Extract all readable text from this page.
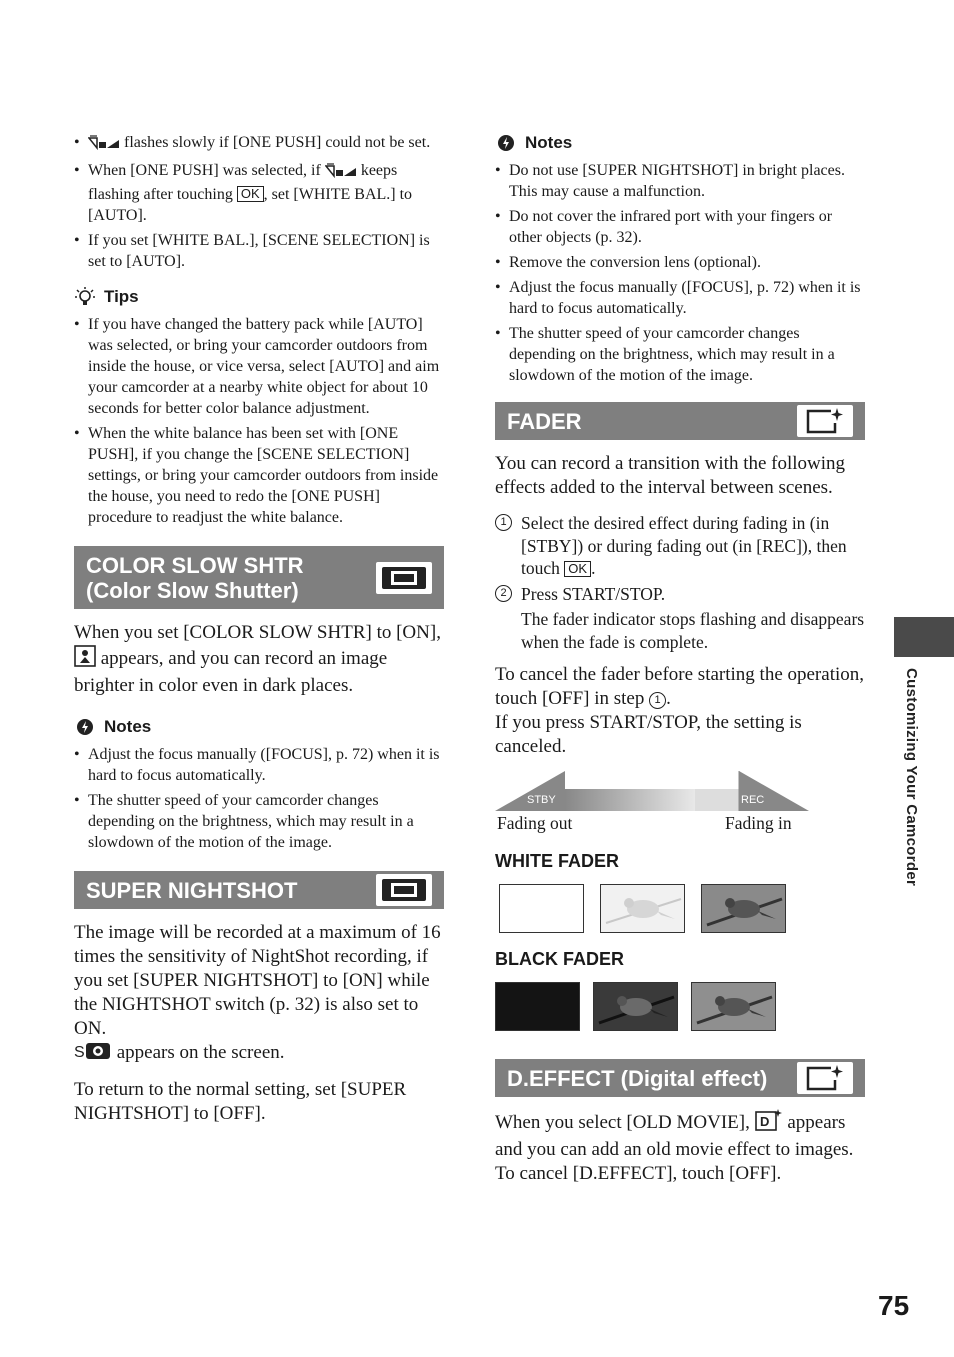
• flashes slowly if [ONE PUSH] could not be set.
• When [ONE PUSH] was selected, if  keeps flashing after touching OK , set [WHITE BAL.] to [AUTO].
• If you set [WHITE BAL.], [SCENE SELECTION] is set to [AUTO].
Tips
• If you have changed the battery pack while [AUTO] was selected, or bring your camcorder outdoors from inside the house, or vice versa, select [AUTO] and aim your camcorder at a nearby white object for about 10 seconds for better color balance adjustment.
• When the white balance has been set with [ONE PUSH], if you change the [SCENE SELECTION] settings, or bring your camcorder outdoors from inside the house, you need to redo the [ONE PUSH] procedure to readjust the white balance.
COLOR SLOW SHTR
(Color Slow Shutter)
When you set [COLOR SLOW SHTR] to [ON],  appears, and you can record an image brighter in color even in dark places.
Notes
• Adjust the focus manually ([FOCUS], p. 72) when it is hard to focus automatically.
• The shutter speed of your camcorder changes depending on the brightness, which may result in a slowdown of the motion of the image.
SUPER NIGHTSHOT
The image will be recorded at a maximum of 16 times the sensitivity of NightShot recording, if you set [SUPER NIGHTSHOT] to [ON] while the NIGHTSHOT switch (p. 32) is also set to ON.
S appears on the screen.
To return to the normal setting, set [SUPER NIGHTSHOT] to [OFF].
Notes
• Do not use [SUPER NIGHTSHOT] in bright places. This may cause a malfunction.
• Do not cover the infrared port with your fingers or other objects (p. 32).
• Remove the conversion lens (optional).
• Adjust the focus manually ([FOCUS], p. 72) when it is hard to focus automatically.
• The shutter speed of your camcorder changes depending on the brightness, which may result in a slowdown of the motion of the image.
FADER
You can record a transition with the following effects added to the interval between scenes.
1 Select the desired effect during fading in (in [STBY]) or during fading out (in [REC]), then touch OK .
2 Press START/STOP.
The fader indicator stops flashing and disappears when the fade is complete.
To cancel the fader before starting the operation, touch [OFF] in step 1 .
If you press START/STOP, the setting is canceled.
STBY	REC
Fading out	Fading in
WHITE FADER
BLACK FADER
D.EFFECT (Digital effect)
When you select [OLD MOVIE], D appears and you can add an old movie effect to images.
To cancel [D.EFFECT], touch [OFF].
Customizing Your Camcorder
75
